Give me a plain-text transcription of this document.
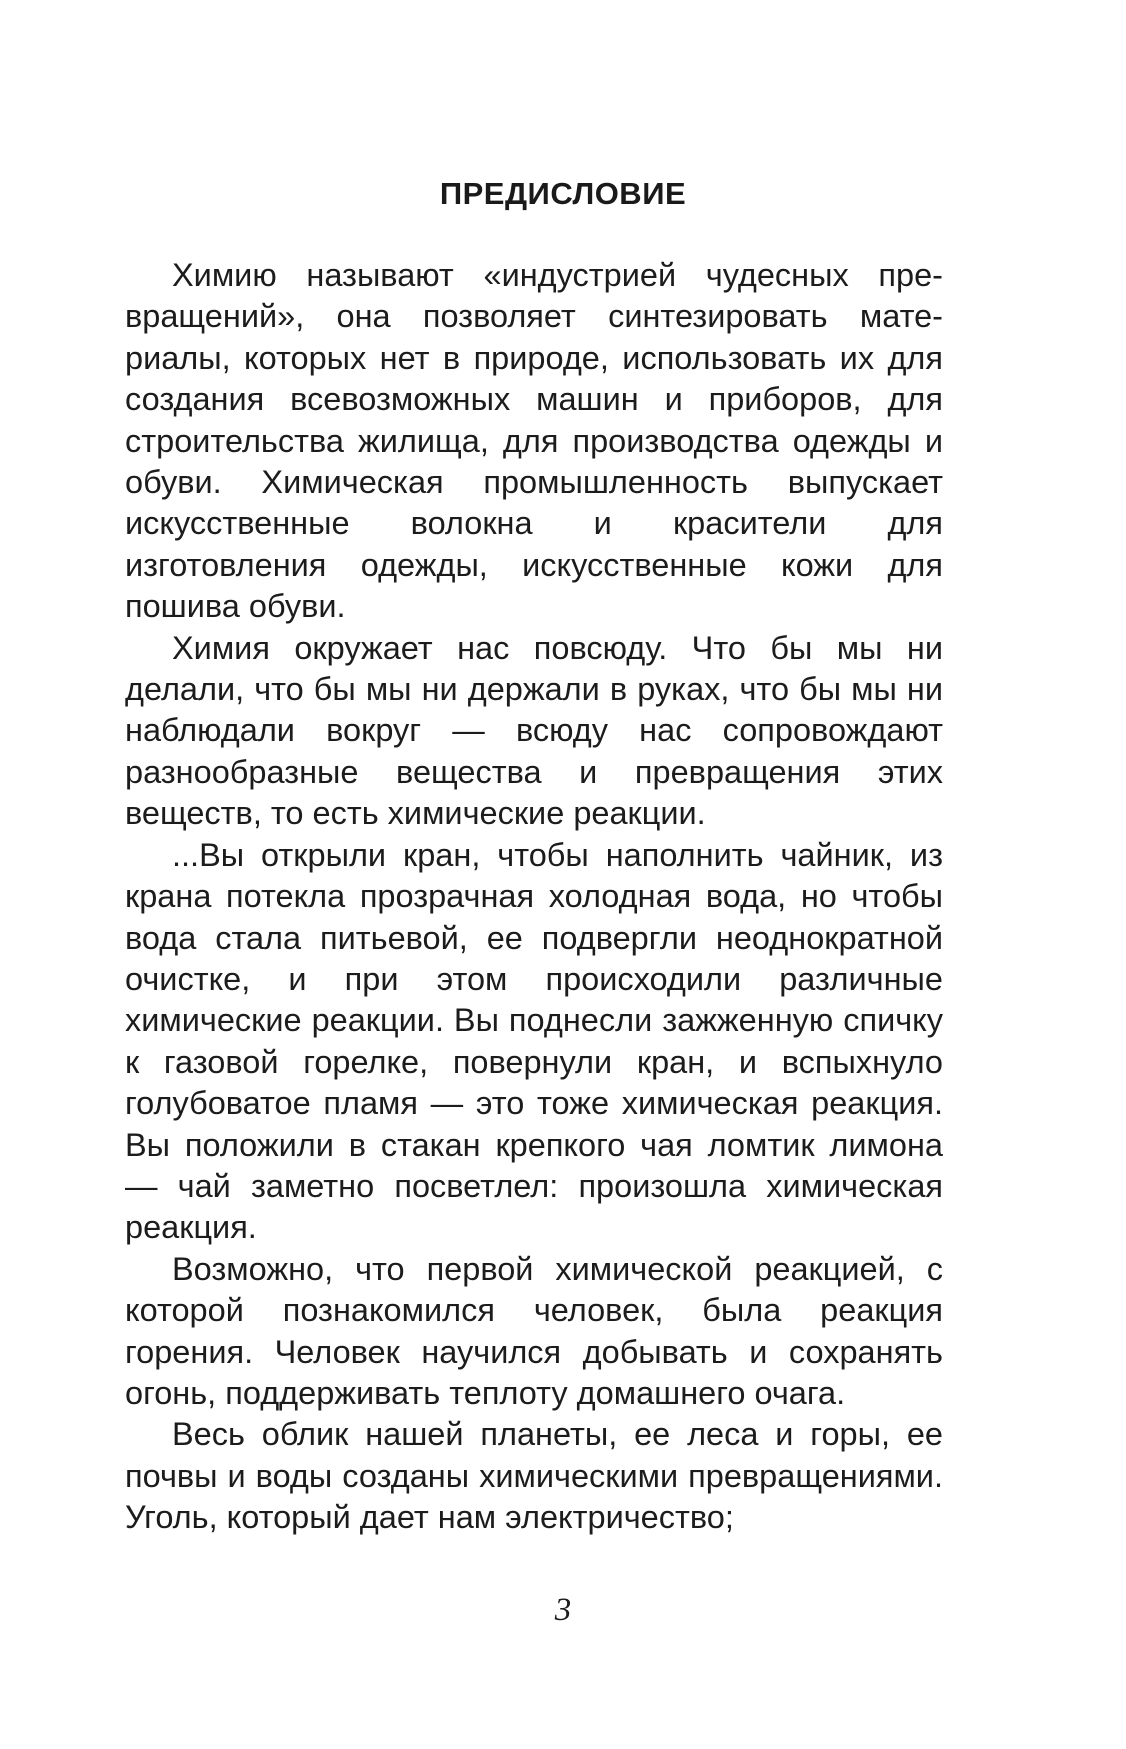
ПРЕДИСЛОВИЕ

Химию называют «индустрией чудесных превращений», она позволяет синтезировать материалы, которых нет в природе, использовать их для создания всевозможных машин и приборов, для строительства жилища, для производства одежды и обуви. Химическая промышленность выпускает искусственные волокна и красители для изготовления одежды, искусственные кожи для пошива обуви.

Химия окружает нас повсюду. Что бы мы ни делали, что бы мы ни держали в руках, что бы мы ни наблюдали вокруг — всюду нас сопровождают разнообразные вещества и превращения этих веществ, то есть химические реакции.

...Вы открыли кран, чтобы наполнить чайник, из крана потекла прозрачная холодная вода, но чтобы вода стала питьевой, ее подвергли неоднократной очистке, и при этом происходили различные химические реакции. Вы поднесли зажженную спичку к газовой горелке, повернули кран, и вспыхнуло голубоватое пламя — это тоже химическая реакция. Вы положили в стакан крепкого чая ломтик лимона — чай заметно посветлел: произошла химическая реакция.

Возможно, что первой химической реакцией, с которой познакомился человек, была реакция горения. Человек научился добывать и сохранять огонь, поддерживать теплоту домашнего очага.

Весь облик нашей планеты, ее леса и горы, ее почвы и воды созданы химическими превращениями. Уголь, который дает нам электричество;

3
